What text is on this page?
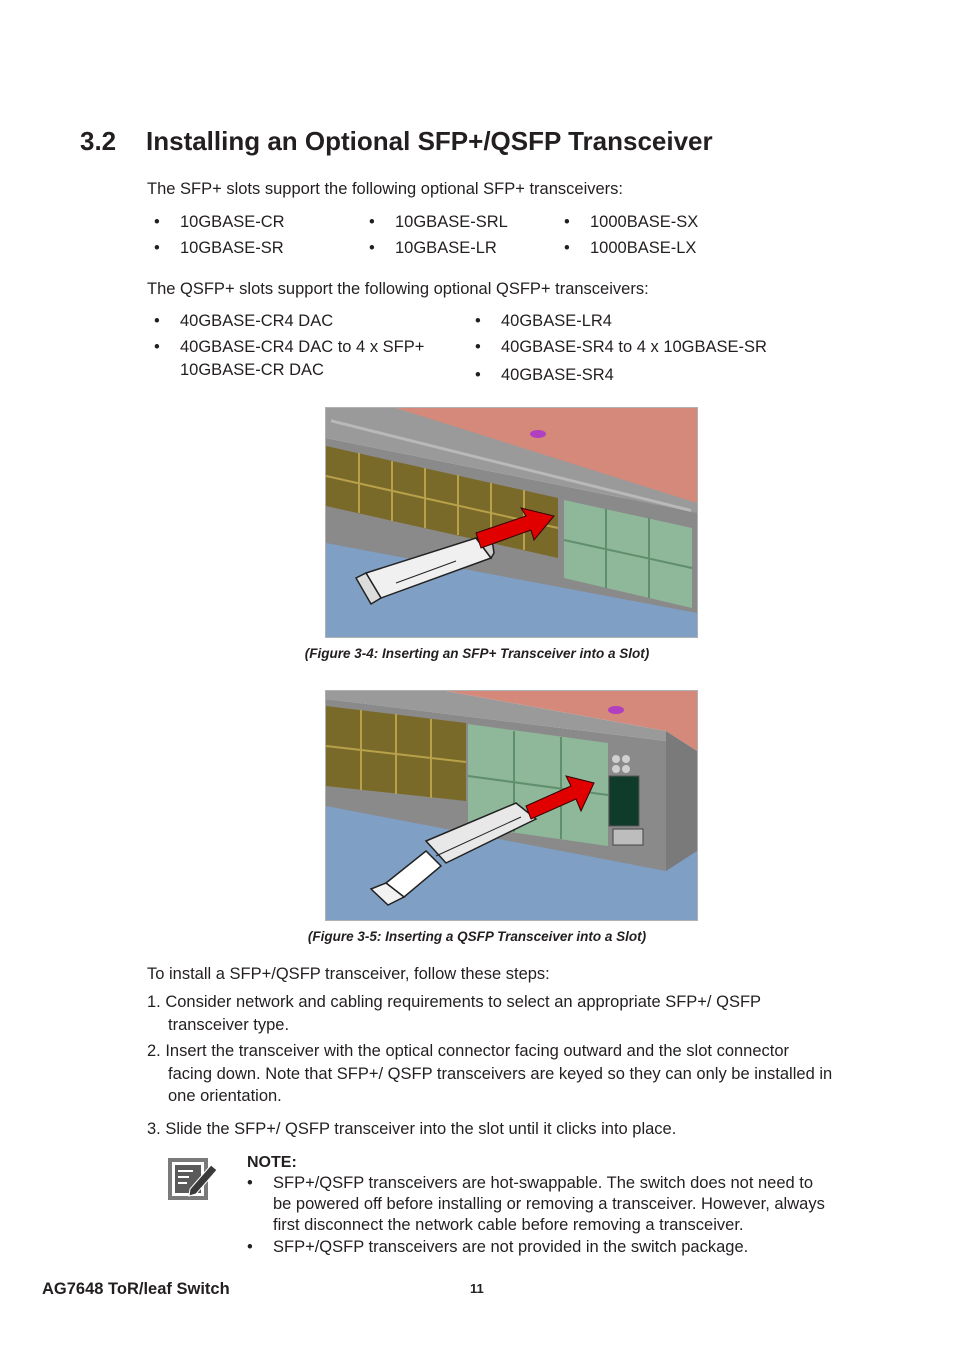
3.2 Installing an Optional SFP+/QSFP Transceiver
The SFP+ slots support the following optional SFP+ transceivers:
• 10GBASE-CR
• 10GBASE-SR
• 10GBASE-SRL
• 10GBASE-LR
• 1000BASE-SX
• 1000BASE-LX
The QSFP+ slots support the following optional QSFP+ transceivers:
• 40GBASE-CR4 DAC
• 40GBASE-CR4 DAC to 4 x SFP+
10GBASE-CR DAC
• 40GBASE-LR4
• 40GBASE-SR4 to 4 x 10GBASE-SR
• 40GBASE-SR4
(Figure 3-4: Inserting an SFP+ Transceiver into a Slot)
(Figure 3-5: Inserting a QSFP Transceiver into a Slot)
To install a SFP+/QSFP transceiver, follow these steps:
1. Consider network and cabling requirements to select an appropriate SFP+/ QSFP
transceiver type.
2. Insert the transceiver with the optical connector facing outward and the slot connector
facing down. Note that SFP+/ QSFP transceivers are keyed so they can only be installed in
one orientation.
3. Slide the SFP+/ QSFP transceiver into the slot until it clicks into place.
NOTE:
• SFP+/QSFP transceivers are hot-swappable. The switch does not need to
be powered off before installing or removing a transceiver. However, always
first disconnect the network cable before removing a transceiver.
•	SFP+/QSFP transceivers are not provided in the switch package.
AG7648 ToR/leaf Switch	11
